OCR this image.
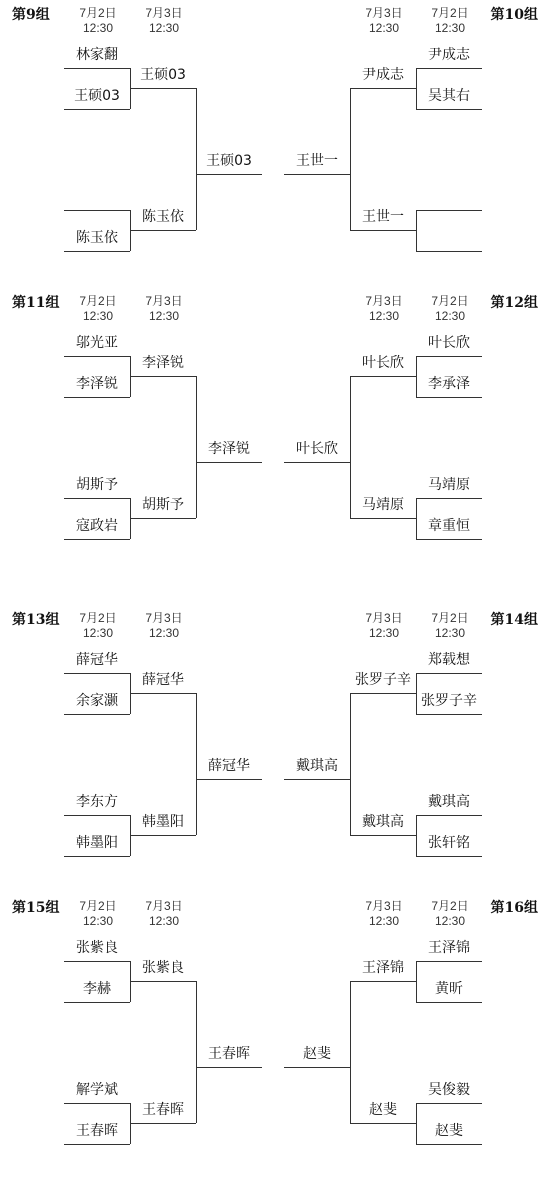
第9组	第10组
7月2日
12:30
7月3日
12:30
7月3日
12:30
7月2日
12:30
林家翻
王硕03
陈玉依
王硕03
陈玉依
王硕03
尹成志
吴其右
尹成志
王世一
王世一
第11组	第12组
7月2日
12:30
7月3日
12:30
7月3日
12:30
7月2日
12:30
邬光亚
李泽锐
胡斯予
寇政岩
李泽锐
胡斯予
李泽锐
叶长欣
李承泽
马靖原
章重恒
叶长欣
马靖原
叶长欣
第13组	第14组
7月2日
12:30
7月3日
12:30
7月3日
12:30
7月2日
12:30
薛冠华
余家灏
李东方
韩墨阳
薛冠华
韩墨阳
薛冠华
郑载想
张罗子辛
戴琪高
张轩铭
张罗子辛
戴琪高
戴琪高
第15组	第16组
7月2日
12:30
7月3日
12:30
7月3日
12:30
7月2日
12:30
张紫良
李赫
解学斌
王春晖
张紫良
王春晖
王春晖
王泽锦
黄昕
吴俊毅
赵斐
王泽锦
赵斐
赵斐
